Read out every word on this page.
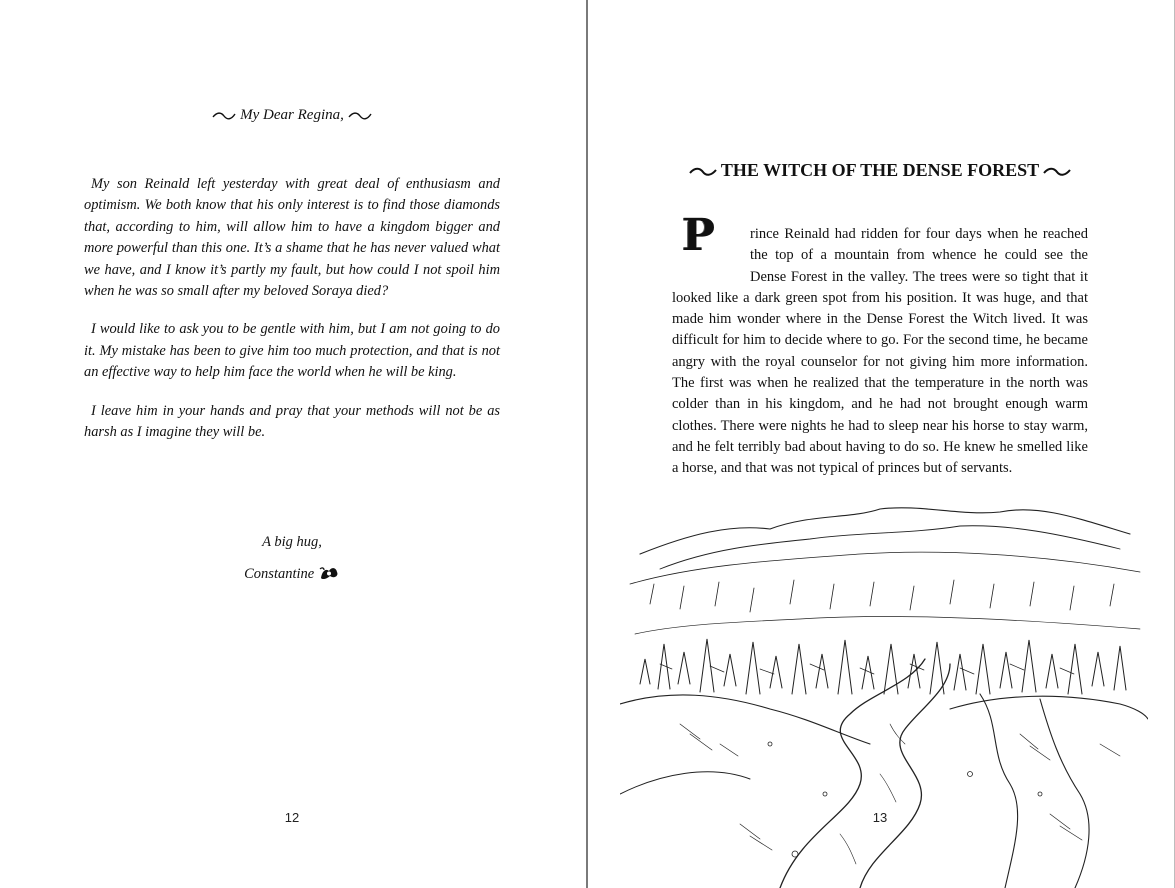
My Dear Regina,

My son Reinald left yesterday with great deal of enthusiasm and optimism. We both know that his only interest is to find those diamonds that, according to him, will allow him to have a kingdom bigger and more powerful than this one. It’s a shame that he has never valued what we have, and I know it’s partly my fault, but how could I not spoil him when he was so small after my beloved Soraya died?

I would like to ask you to be gentle with him, but I am not going to do it. My mistake has been to give him too much protection, and that is not an effective way to help him face the world when he will be king.

I leave him in your hands and pray that your methods will not be as harsh as I imagine they will be.

A big hug,
Constantine
12
THE WITCH OF THE DENSE FOREST
P	rince Reinald had ridden for four days when he reached the top of a mountain from whence he could see the Dense Forest in the valley. The trees were so tight that it looked like a dark green spot from his position. It was huge, and that made him wonder where in the Dense Forest the Witch lived. It was difficult for him to decide where to go. For the second time, he became angry with the royal counselor for not giving him more information. The first was when he realized that the temperature in the north was colder than in his kingdom, and he had not brought enough warm clothes. There were nights he had to sleep near his horse to stay warm, and he felt terribly bad about having to do so. He knew he smelled like a horse, and that was not typical of princes but of servants.

13
